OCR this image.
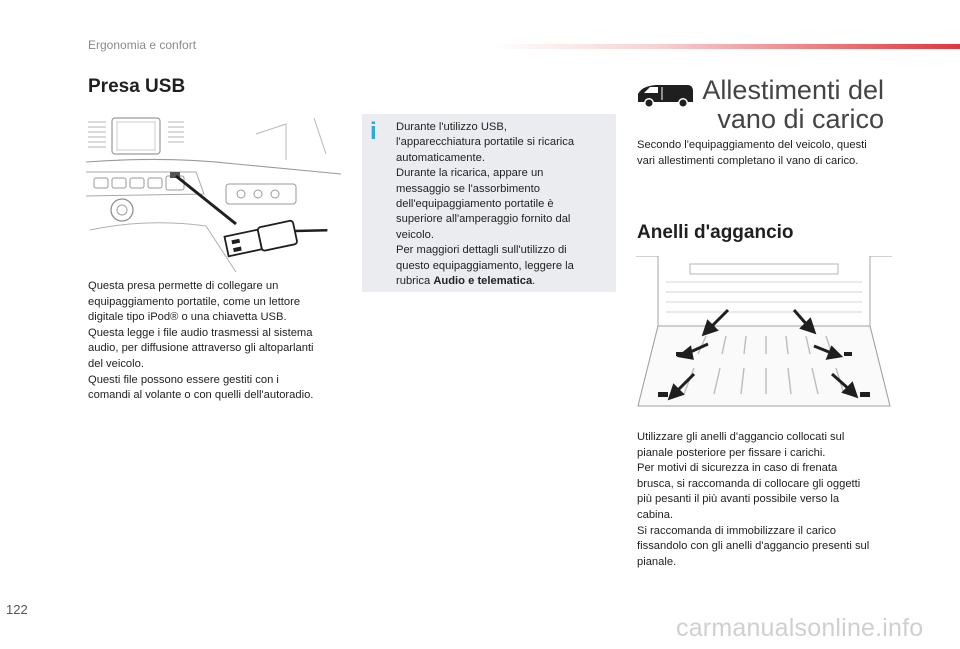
Ergonomia e confort
Presa USB
Questa presa permette di collegare un
equipaggiamento portatile, come un lettore
digitale tipo iPod® o una chiavetta USB.
Questa legge i file audio trasmessi al sistema
audio, per diffusione attraverso gli altoparlanti
del veicolo.
Questi file possono essere gestiti con i
comandi al volante o con quelli dell'autoradio.
i Durante l'utilizzo USB,
l'apparecchiatura portatile si ricarica
automaticamente.
Durante la ricarica, appare un
messaggio se l'assorbimento
dell'equipaggiamento portatile è
superiore all'amperaggio fornito dal
veicolo.
Per maggiori dettagli sull'utilizzo di
questo equipaggiamento, leggere la
rubrica Audio e telematica.
Allestimenti del
vano di carico
Secondo l'equipaggiamento del veicolo, questi
vari allestimenti completano il vano di carico.
Anelli d'aggancio
Utilizzare gli anelli d'aggancio collocati sul
pianale posteriore per fissare i carichi.
Per motivi di sicurezza in caso di frenata
brusca, si raccomanda di collocare gli oggetti
più pesanti il più avanti possibile verso la
cabina.
Si raccomanda di immobilizzare il carico
fissandolo con gli anelli d'aggancio presenti sul
pianale.
122
carmanualsonline.info
